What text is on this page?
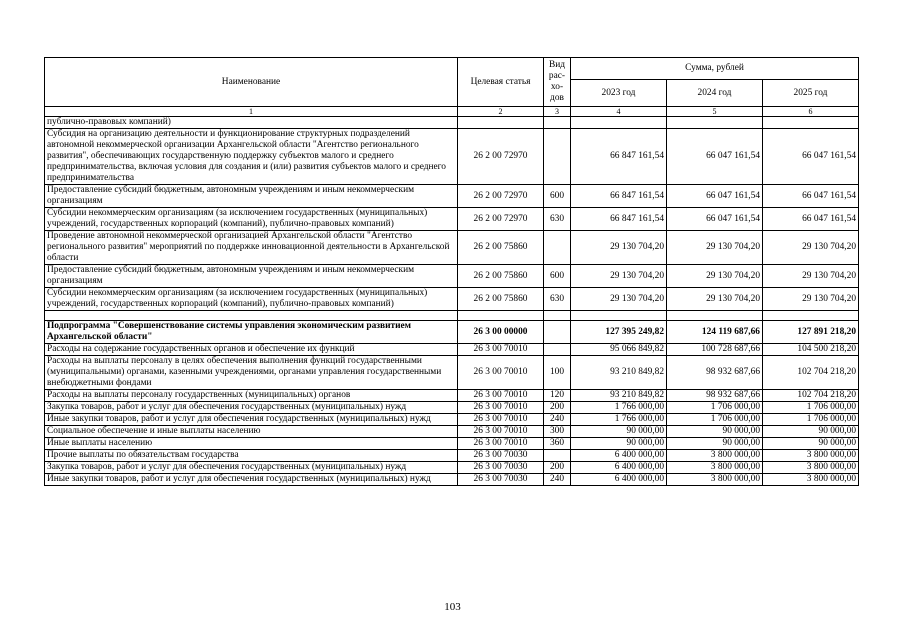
Наименование	Целевая статья	Вид рас-хо-дов	Сумма, рублей		
			2023 год	2024 год	2025 год
1	2	3	4	5	6
публично-правовых компаний)					
Субсидия на организацию деятельности и функционирование структурных подразделений автономной некоммерческой организации Архангельской области "Агентство регионального развития", обеспечивающих государственную поддержку субъектов малого и среднего предпринимательства, включая условия для создания и (или) развития субъектов малого и среднего предпринимательства	26 2 00 72970		66 847 161,54	66 047 161,54	66 047 161,54
Предоставление субсидий бюджетным, автономным учреждениям и иным некоммерческим организациям	26 2 00 72970	600	66 847 161,54	66 047 161,54	66 047 161,54
Субсидии некоммерческим организациям (за исключением государственных (муниципальных) учреждений, государственных корпораций (компаний), публично-правовых компаний)	26 2 00 72970	630	66 847 161,54	66 047 161,54	66 047 161,54
Проведение автономной некоммерческой организацией Архангельской области "Агентство регионального развития" мероприятий по поддержке инновационной деятельности в Архангельской области	26 2 00 75860		29 130 704,20	29 130 704,20	29 130 704,20
Предоставление субсидий бюджетным, автономным учреждениям и иным некоммерческим организациям	26 2 00 75860	600	29 130 704,20	29 130 704,20	29 130 704,20
Субсидии некоммерческим организациям (за исключением государственных (муниципальных) учреждений, государственных корпораций (компаний), публично-правовых компаний)	26 2 00 75860	630	29 130 704,20	29 130 704,20	29 130 704,20

Подпрограмма "Совершенствование системы управления экономическим развитием Архангельской области"	26 3 00 00000		127 395 249,82	124 119 687,66	127 891 218,20
Расходы на содержание государственных органов и обеспечение их функций	26 3 00 70010		95 066 849,82	100 728 687,66	104 500 218,20
Расходы на выплаты персоналу в целях обеспечения выполнения функций государственными (муниципальными) органами, казенными учреждениями, органами управления государственными внебюджетными фондами	26 3 00 70010	100	93 210 849,82	98 932 687,66	102 704 218,20
Расходы на выплаты персоналу государственных (муниципальных) органов	26 3 00 70010	120	93 210 849,82	98 932 687,66	102 704 218,20
Закупка товаров, работ и услуг для обеспечения государственных (муниципальных) нужд	26 3 00 70010	200	1 766 000,00	1 706 000,00	1 706 000,00
Иные закупки товаров, работ и услуг для обеспечения государственных (муниципальных) нужд	26 3 00 70010	240	1 766 000,00	1 706 000,00	1 706 000,00
Социальное обеспечение и иные выплаты населению	26 3 00 70010	300	90 000,00	90 000,00	90 000,00
Иные выплаты населению	26 3 00 70010	360	90 000,00	90 000,00	90 000,00
Прочие выплаты по обязательствам государства	26 3 00 70030		6 400 000,00	3 800 000,00	3 800 000,00
Закупка товаров, работ и услуг для обеспечения государственных (муниципальных) нужд	26 3 00 70030	200	6 400 000,00	3 800 000,00	3 800 000,00
Иные закупки товаров, работ и услуг для обеспечения государственных (муниципальных) нужд	26 3 00 70030	240	6 400 000,00	3 800 000,00	3 800 000,00
103
